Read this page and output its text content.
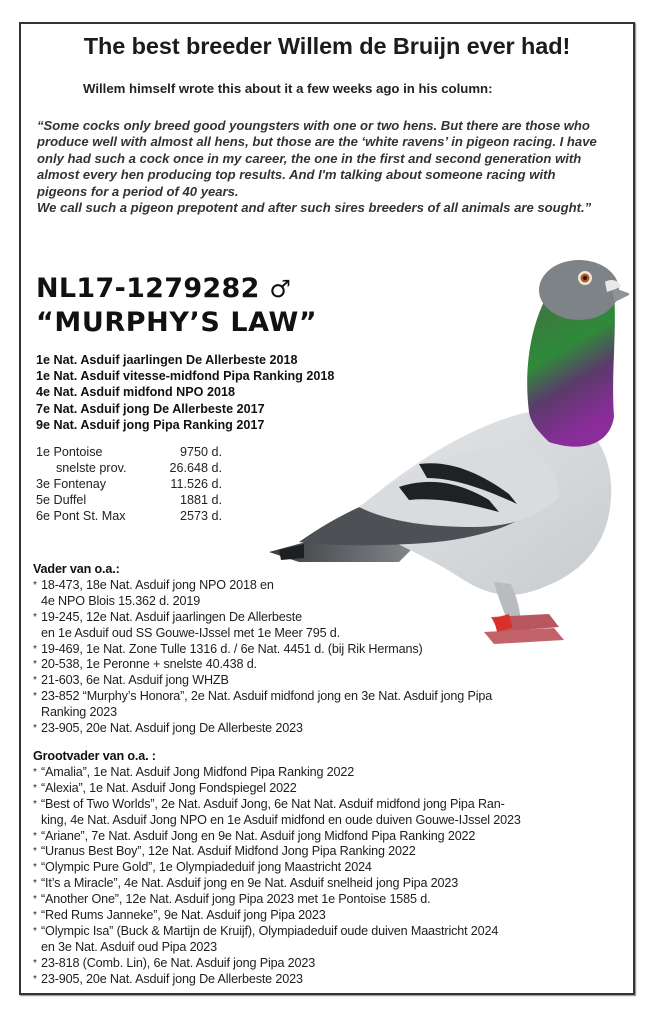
The best breeder Willem de Bruijn ever had!
Willem himself wrote this about it a few weeks ago in his column:
“Some cocks only breed good youngsters with one or two hens. But there are those who
produce well with almost all hens, but those are the ‘white ravens’ in pigeon racing. I have
only had such a cock once in my career, the one in the first and second generation with
almost every hen producing top results. And I'm talking about someone racing with
pigeons for a period of 40 years.
We call such a pigeon prepotent and after such sires breeders of all animals are sought.”
NL17-1279282 ♂
“MURPHY’S LAW”
1e Nat. Asduif jaarlingen De Allerbeste 2018
1e Nat. Asduif vitesse-midfond Pipa Ranking 2018
4e Nat. Asduif midfond NPO 2018
7e Nat. Asduif jong De Allerbeste 2017
9e Nat. Asduif jong Pipa Ranking 2017
1e Pontoise	9750 d.
snelste prov.	26.648 d.
3e Fontenay	11.526 d.
5e Duffel	1881 d.
6e Pont St. Max	2573 d.
Vader van o.a.:
* 18-473, 18e Nat. Asduif jong NPO 2018 en
4e NPO Blois 15.362 d. 2019
* 19-245, 12e Nat. Asduif jaarlingen De Allerbeste
en 1e Asduif oud SS Gouwe-IJssel met 1e Meer 795 d.
* 19-469, 1e Nat. Zone Tulle 1316 d. / 6e Nat. 4451 d. (bij Rik Hermans)
* 20-538, 1e Peronne + snelste 40.438 d.
* 21-603, 6e Nat. Asduif jong WHZB
* 23-852 “Murphy’s Honora”, 2e Nat. Asduif midfond jong en 3e Nat. Asduif jong Pipa
Ranking 2023
* 23-905, 20e Nat. Asduif jong De Allerbeste 2023
Grootvader van o.a. :
* “Amalia”, 1e Nat. Asduif Jong Midfond Pipa Ranking 2022
* “Alexia”, 1e Nat. Asduif Jong Fondspiegel 2022
* “Best of Two Worlds”, 2e Nat. Asduif Jong, 6e Nat Nat. Asduif midfond jong Pipa Ran-
king, 4e Nat. Asduif Jong NPO en 1e Asduif midfond en oude duiven Gouwe-IJssel 2023
* “Ariane”, 7e Nat. Asduif Jong en 9e Nat. Asduif jong Midfond Pipa Ranking 2022
* “Uranus Best Boy”, 12e Nat. Asduif Midfond Jong Pipa Ranking 2022
* “Olympic Pure Gold”, 1e Olympiadeduif jong Maastricht 2024
* “It’s a Miracle”, 4e Nat. Asduif jong en 9e Nat. Asduif snelheid jong Pipa 2023
* “Another One”, 12e Nat. Asduif jong Pipa 2023 met 1e Pontoise 1585 d.
* “Red Rums Janneke”, 9e Nat. Asduif jong Pipa 2023
* “Olympic Isa” (Buck & Martijn de Kruijf), Olympiadeduif oude duiven Maastricht 2024
en 3e Nat. Asduif oud Pipa 2023
* 23-818 (Comb. Lin), 6e Nat. Asduif jong Pipa 2023
* 23-905, 20e Nat. Asduif jong De Allerbeste 2023
